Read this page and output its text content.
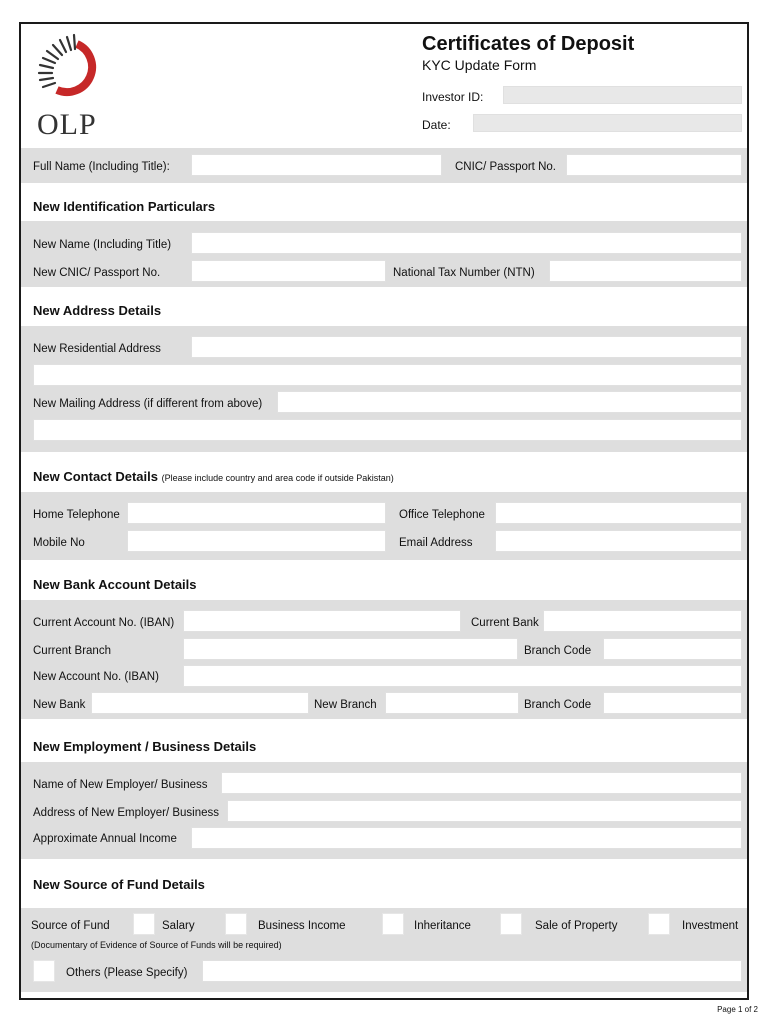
OLP
Certificates of Deposit
KYC Update Form
Investor ID:
Date:
Full Name (Including Title):	CNIC/ Passport No.
New Identification Particulars
New Name (Including Title)
New CNIC/ Passport No.	National Tax Number (NTN)
New Address Details
New Residential Address
New Mailing Address (if different from above)
New Contact Details (Please include country and area code if outside Pakistan)
Home Telephone	Office Telephone
Mobile No	Email Address
New Bank Account Details
Current Account No. (IBAN)	Current Bank
Current Branch	Branch Code
New Account No. (IBAN)
New Bank	New Branch	Branch Code
New Employment / Business Details
Name of New Employer/ Business
Address of New Employer/ Business
Approximate Annual Income
New Source of Fund Details
Source of Fund	Salary	Business Income	Inheritance	Sale of Property	Investment
(Documentary of Evidence of Source of Funds will be required)
Others (Please Specify)
Page 1 of 2
